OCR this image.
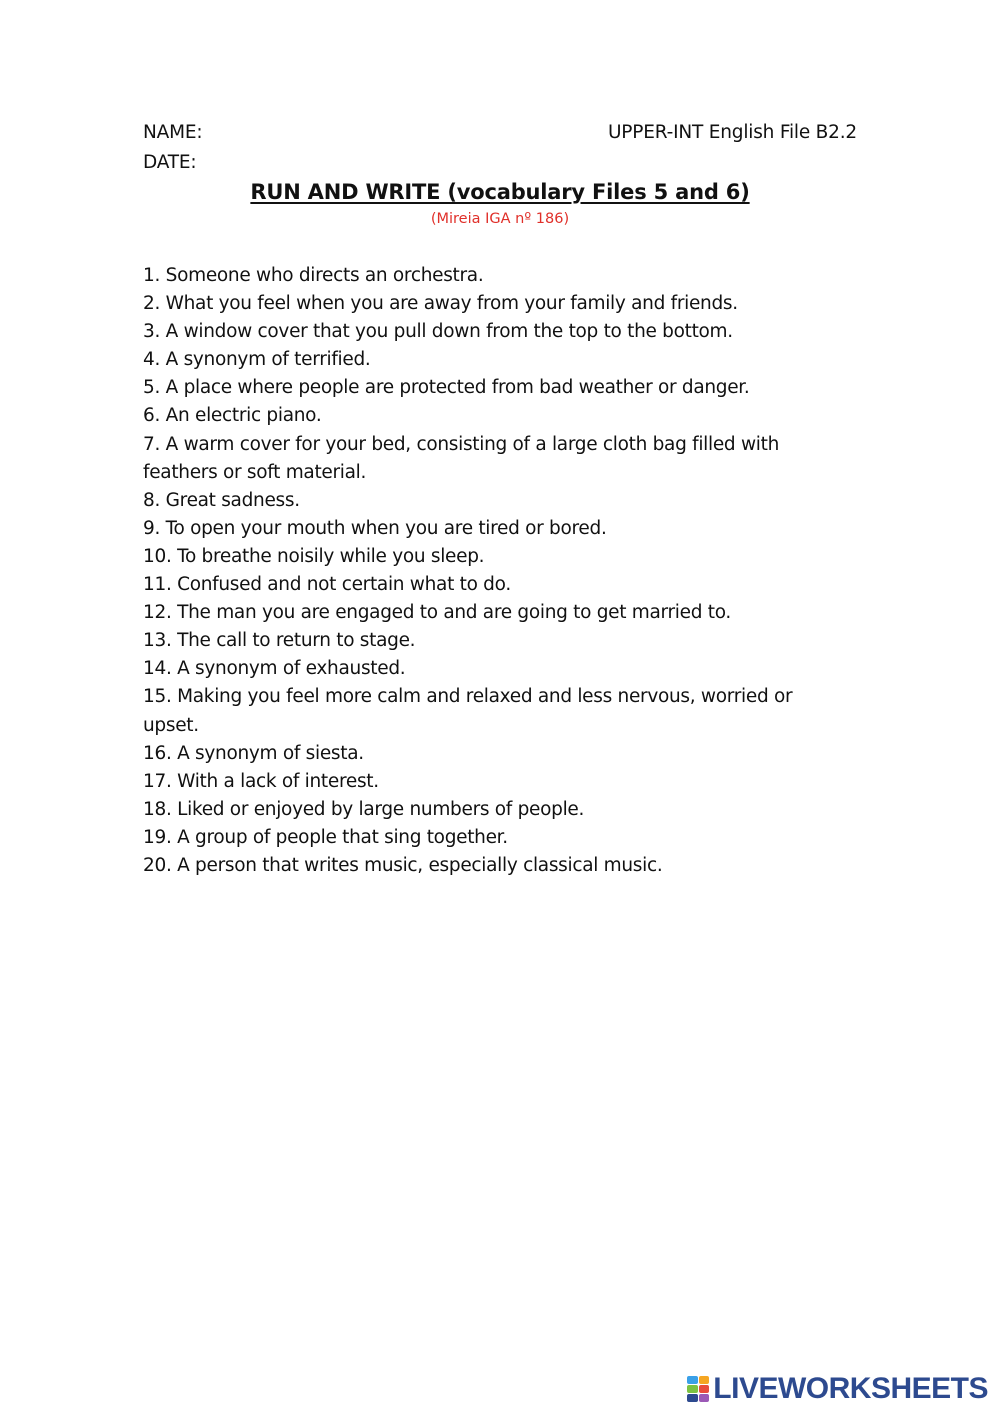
NAME:
DATE:
UPPER-INT English File B2.2
RUN AND WRITE (vocabulary Files 5 and 6)
(Mireia IGA nº 186)
1. Someone who directs an orchestra.
2. What you feel when you are away from your family and friends.
3. A window cover that you pull down from the top to the bottom.
4. A synonym of terrified.
5. A place where people are protected from bad weather or danger.
6. An electric piano.
7. A warm cover for your bed, consisting of a large cloth bag filled with feathers or soft material.
8. Great sadness.
9. To open your mouth when you are tired or bored.
10. To breathe noisily while you sleep.
11. Confused and not certain what to do.
12. The man you are engaged to and are going to get married to.
13. The call to return to stage.
14. A synonym of exhausted.
15. Making you feel more calm and relaxed and less nervous, worried or upset.
16. A synonym of siesta.
17. With a lack of interest.
18. Liked or enjoyed by large numbers of people.
19. A group of people that sing together.
20. A person that writes music, especially classical music.
LIVEWORKSHEETS
